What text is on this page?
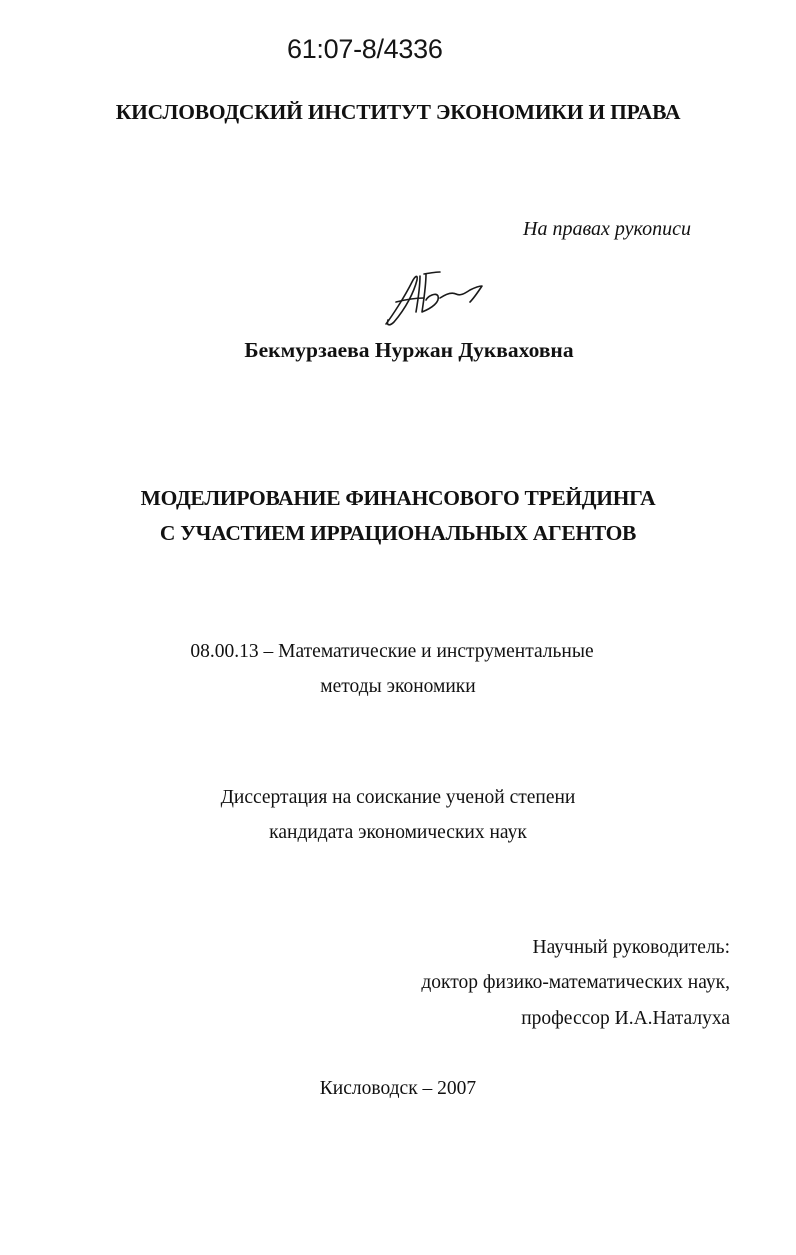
61:07-8/4336
КИСЛОВОДСКИЙ ИНСТИТУТ ЭКОНОМИКИ И ПРАВА
На правах рукописи
Бекмурзаева Нуржан Дукваховна
МОДЕЛИРОВАНИЕ ФИНАНСОВОГО ТРЕЙДИНГА
С УЧАСТИЕМ ИРРАЦИОНАЛЬНЫХ АГЕНТОВ
08.00.13 – Математические и инструментальные
методы экономики
Диссертация на соискание ученой степени
кандидата экономических наук
Научный руководитель:
доктор физико-математических наук,
профессор И.А.Наталуха
Кисловодск – 2007
